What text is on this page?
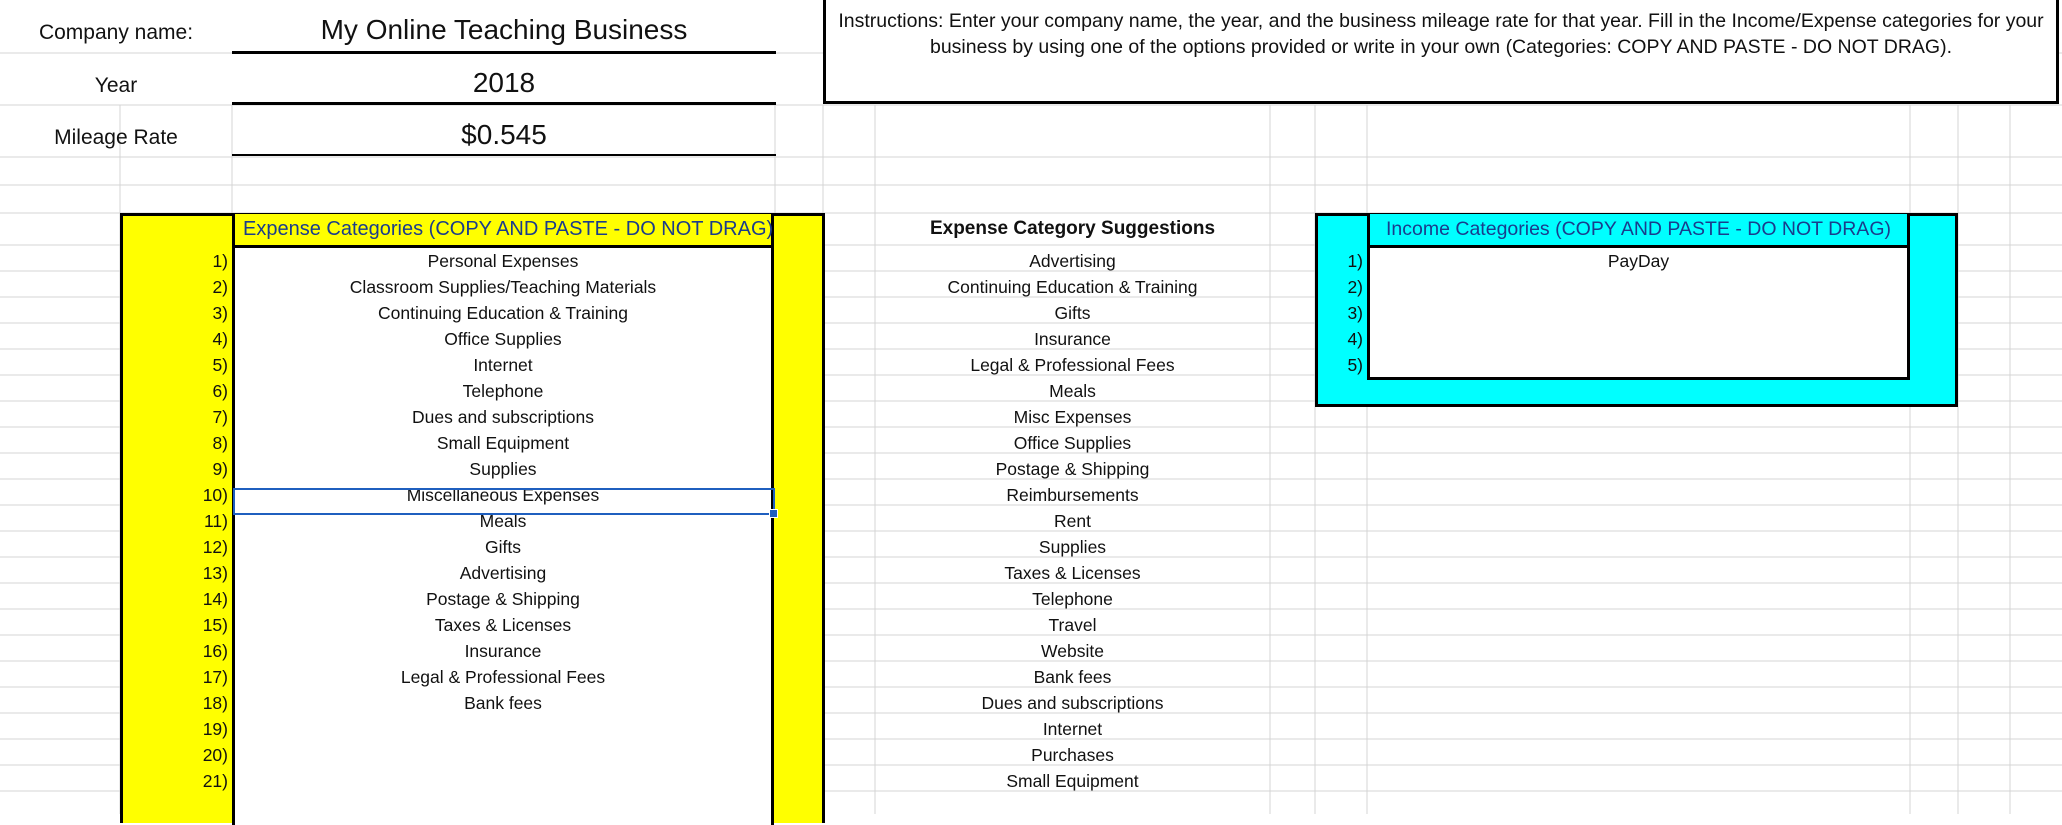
Company name:
Year
Mileage Rate
My Online Teaching Business
2018
$0.545
Instructions: Enter your company name, the year, and the business mileage rate for that year. Fill in the Income/Expense categories for your business by using one of the options provided or write in your own (Categories: COPY AND PASTE - DO NOT DRAG).
Expense Categories (COPY AND PASTE - DO NOT DRAG)
1)
2)
3)
4)
5)
6)
7)
8)
9)
10)
11)
12)
13)
14)
15)
16)
17)
18)
19)
20)
21)
Personal Expenses
Classroom Supplies/Teaching Materials
Continuing Education & Training
Office Supplies
Internet
Telephone
Dues and subscriptions
Small Equipment
Supplies
Miscellaneous Expenses
Meals
Gifts
Advertising
Postage & Shipping
Taxes & Licenses
Insurance
Legal & Professional Fees
Bank fees
Expense Category Suggestions
Advertising
Continuing Education & Training
Gifts
Insurance
Legal & Professional Fees
Meals
Misc Expenses
Office Supplies
Postage & Shipping
Reimbursements
Rent
Supplies
Taxes & Licenses
Telephone
Travel
Website
Bank fees
Dues and subscriptions
Internet
Purchases
Small Equipment
Income Categories (COPY AND PASTE - DO NOT DRAG)
1)
2)
3)
4)
5)
PayDay
